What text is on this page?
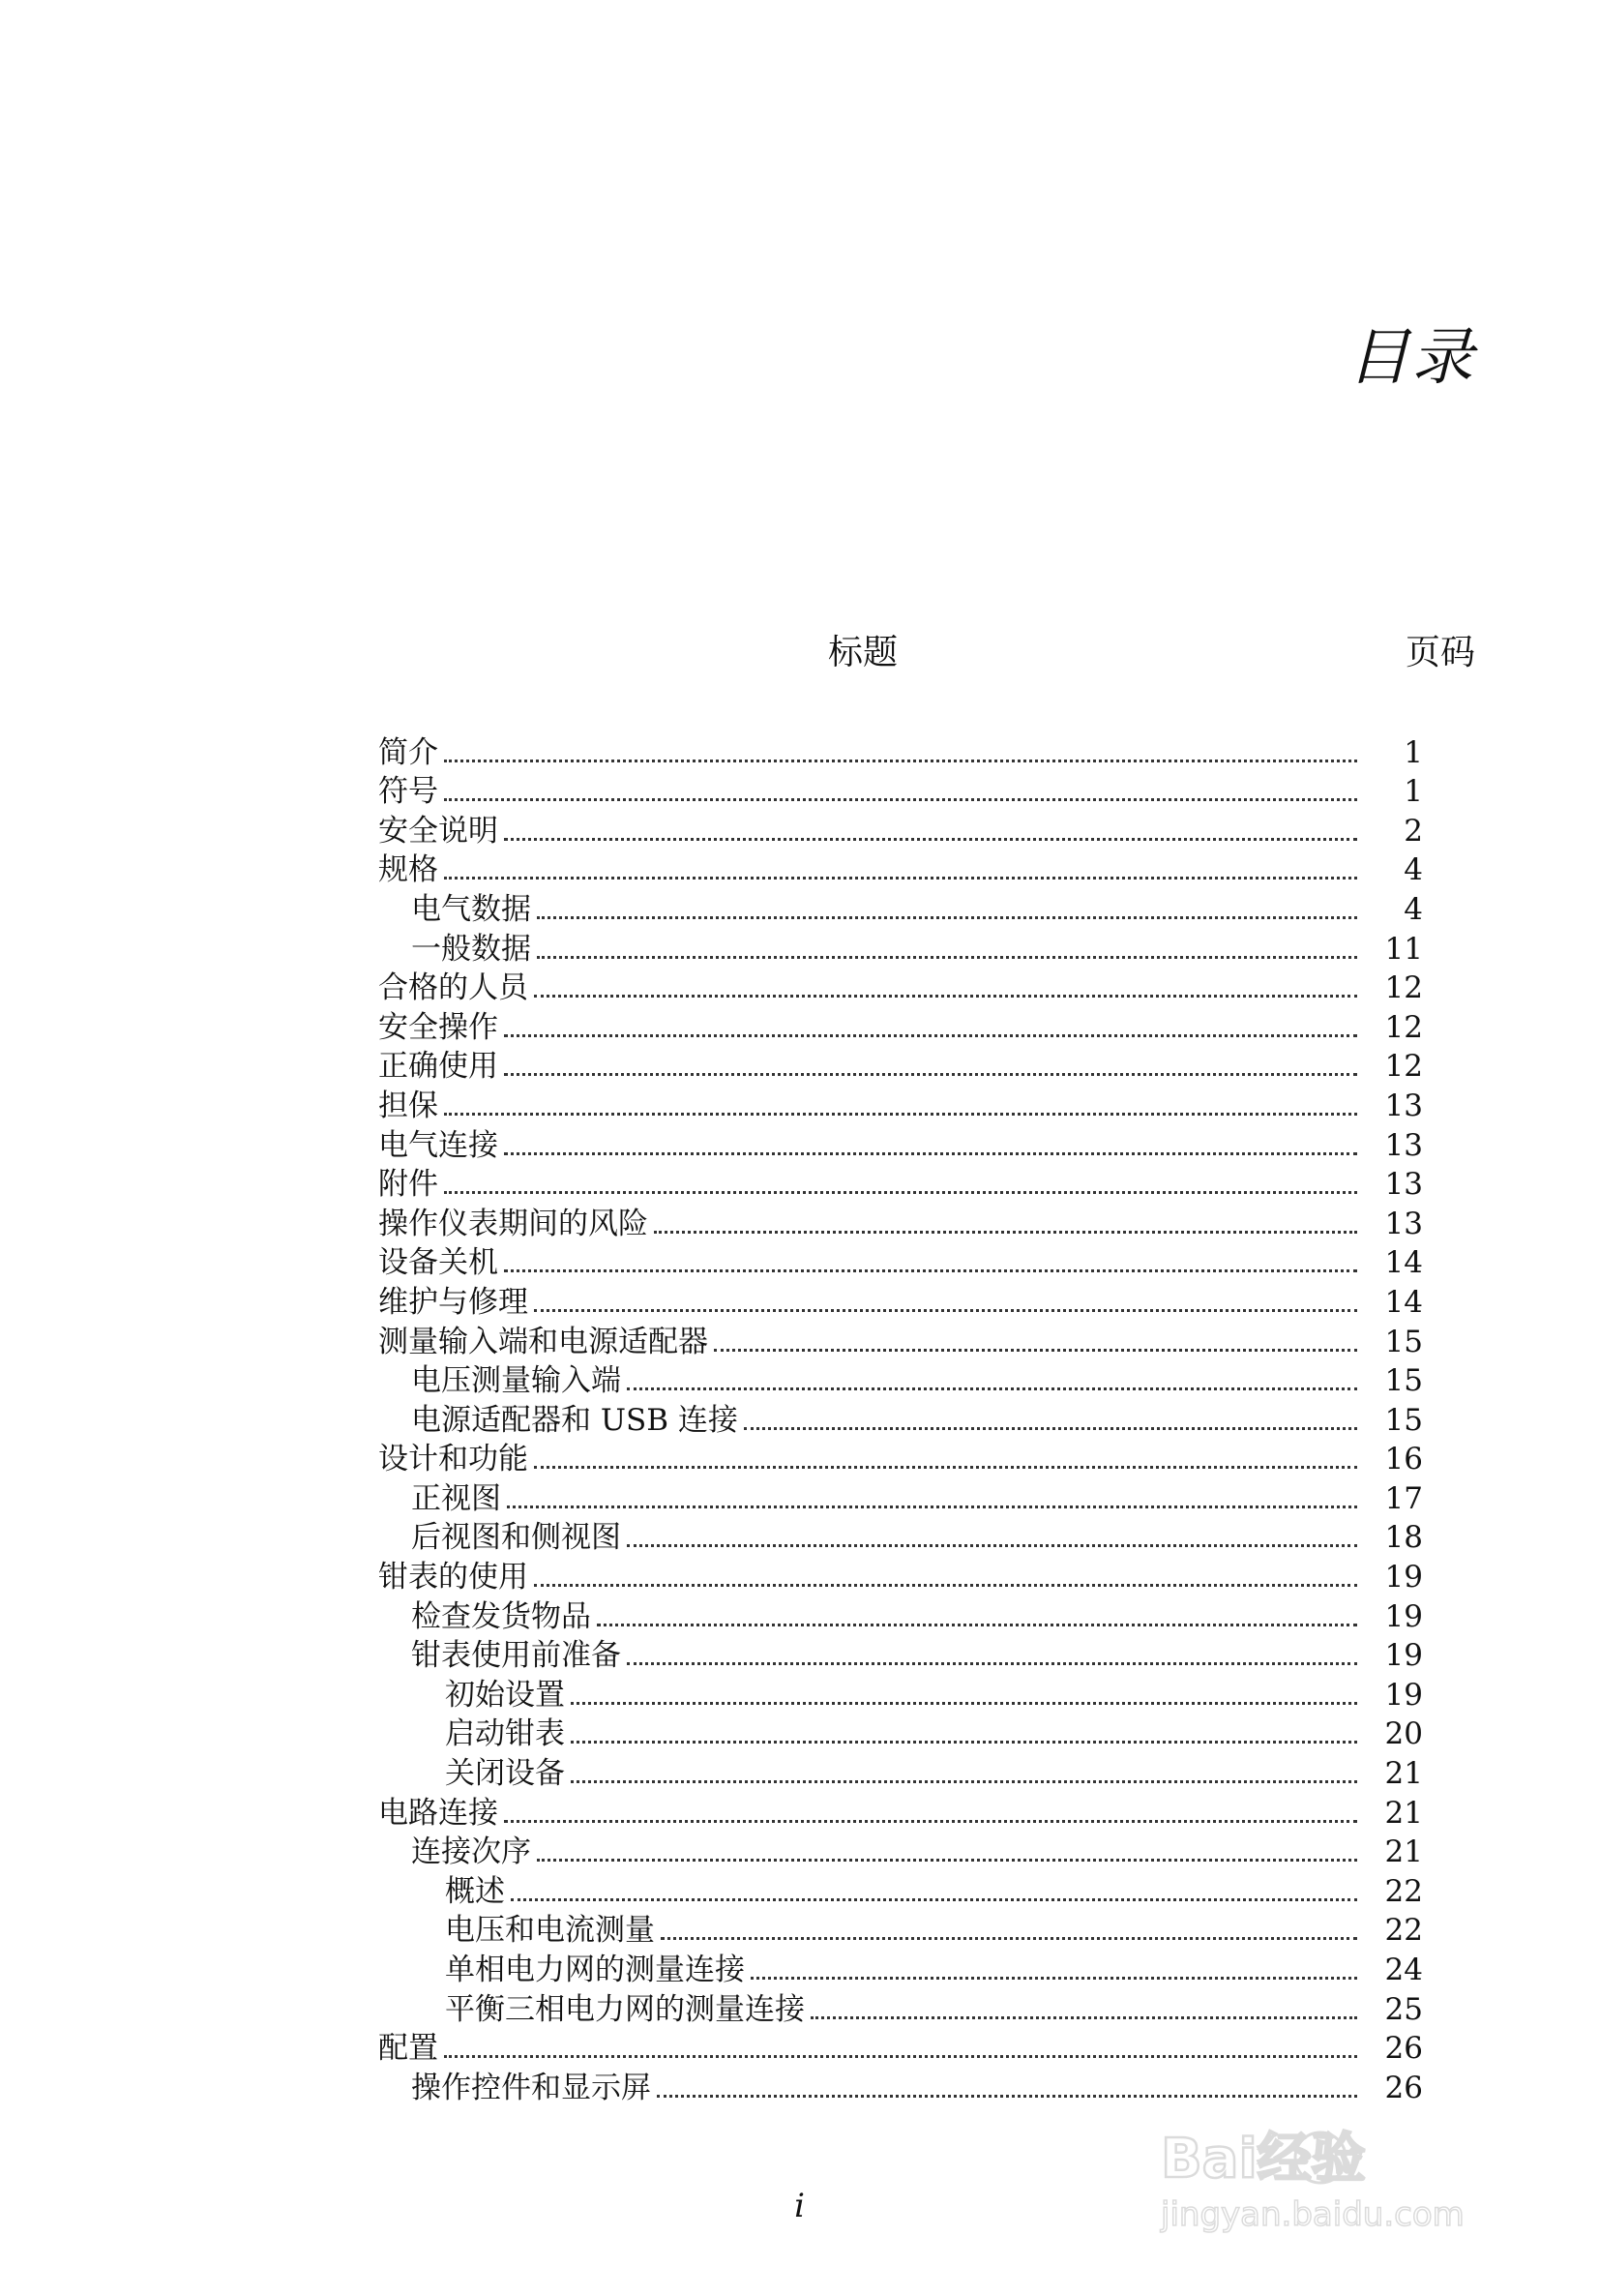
目录
标题	页码
简介	1
符号	1
安全说明	2
规格	4
电气数据	4
一般数据	11
合格的人员	12
安全操作	12
正确使用	12
担保	13
电气连接	13
附件	13
操作仪表期间的风险	13
设备关机	14
维护与修理	14
测量输入端和电源适配器	15
电压测量输入端	15
电源适配器和 USB 连接	15
设计和功能	16
正视图	17
后视图和侧视图	18
钳表的使用	19
检查发货物品	19
钳表使用前准备	19
初始设置	19
启动钳表	20
关闭设备	21
电路连接	21
连接次序	21
概述	22
电压和电流测量	22
单相电力网的测量连接	24
平衡三相电力网的测量连接	25
配置	26
操作控件和显示屏	26
i
Bai经验
jingyan.baidu.com
